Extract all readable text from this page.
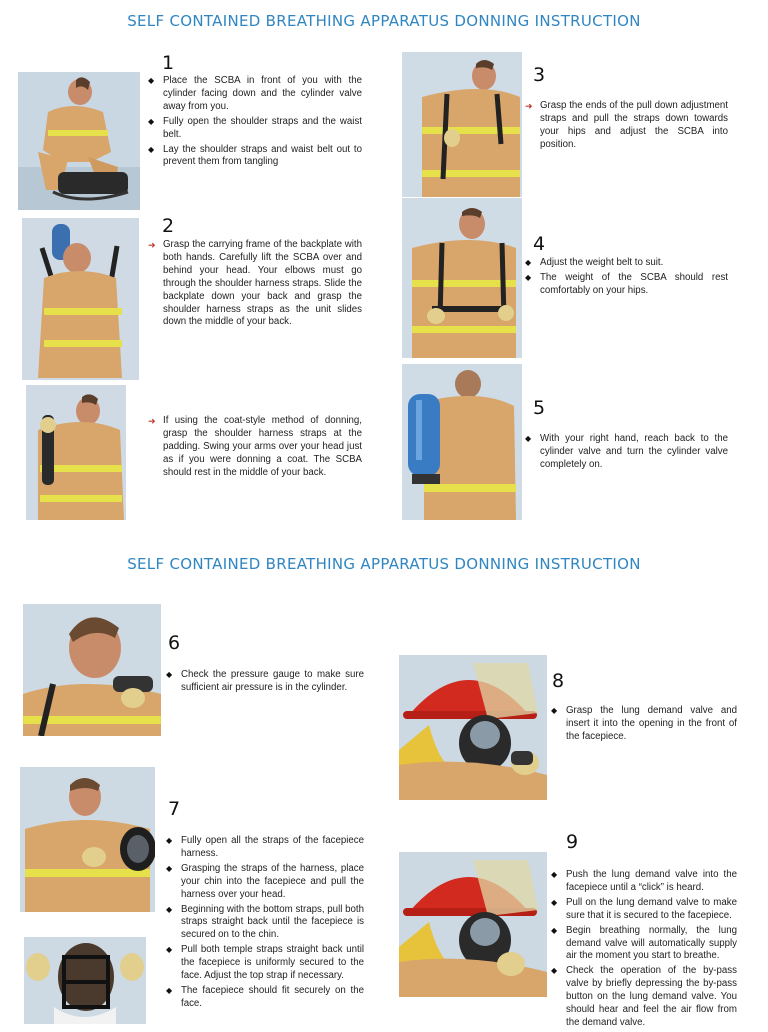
SELF CONTAINED BREATHING APPARATUS DONNING INSTRUCTION
SELF CONTAINED BREATHING APPARATUS DONNING INSTRUCTION
1
◆ Place the SCBA in front of you with the cylinder facing down and the cylinder valve away from you.
◆ Fully open the shoulder straps and the waist belt.
◆ Lay the shoulder straps and waist belt out to prevent them from tangling
2
➜ Grasp the carrying frame of the backplate with both hands. Carefully lift the SCBA over and behind your head. Your elbows must go through the shoulder harness straps. Slide the backplate down your back and grasp the shoulder harness straps as the unit slides down the middle of your back.
➜ If using the coat-style method of donning, grasp the shoulder harness straps at the padding. Swing your arms over your head just as if you were donning a coat. The SCBA should rest in the middle of your back.
3
➜ Grasp the ends of the pull down adjustment straps and pull the straps down towards your hips and adjust the SCBA into position.
4
◆ Adjust the weight belt to suit.
◆ The weight of the SCBA should rest comfortably on your hips.
5
◆ With your right hand, reach back to the cylinder valve and turn the cylinder valve completely on.
6
◆ Check the pressure gauge to make sure sufficient air pressure is in the cylinder.
7
◆ Fully open all the straps of the facepiece harness.
◆ Grasping the straps of the harness, place your chin into the facepiece and pull the harness over your head.
◆ Beginning with the bottom straps, pull both straps straight back until the facepiece is secured on to the chin.
◆ Pull both temple straps straight back until the facepiece is uniformly secured to the face. Adjust the top strap if necessary.
◆ The facepiece should fit securely on the face.
8
◆ Grasp the lung demand valve and insert it into the opening in the front of the facepiece.
9
◆ Push the lung demand valve into the facepiece until a “click” is heard.
◆ Pull on the lung demand valve to make sure that it is secured to the facepiece.
◆ Begin breathing normally, the lung demand valve will automatically supply air the moment you start to breathe.
◆ Check the operation of the by-pass valve by briefly depressing the by-pass button on the lung demand valve. You should hear and feel the air flow from the demand valve.
